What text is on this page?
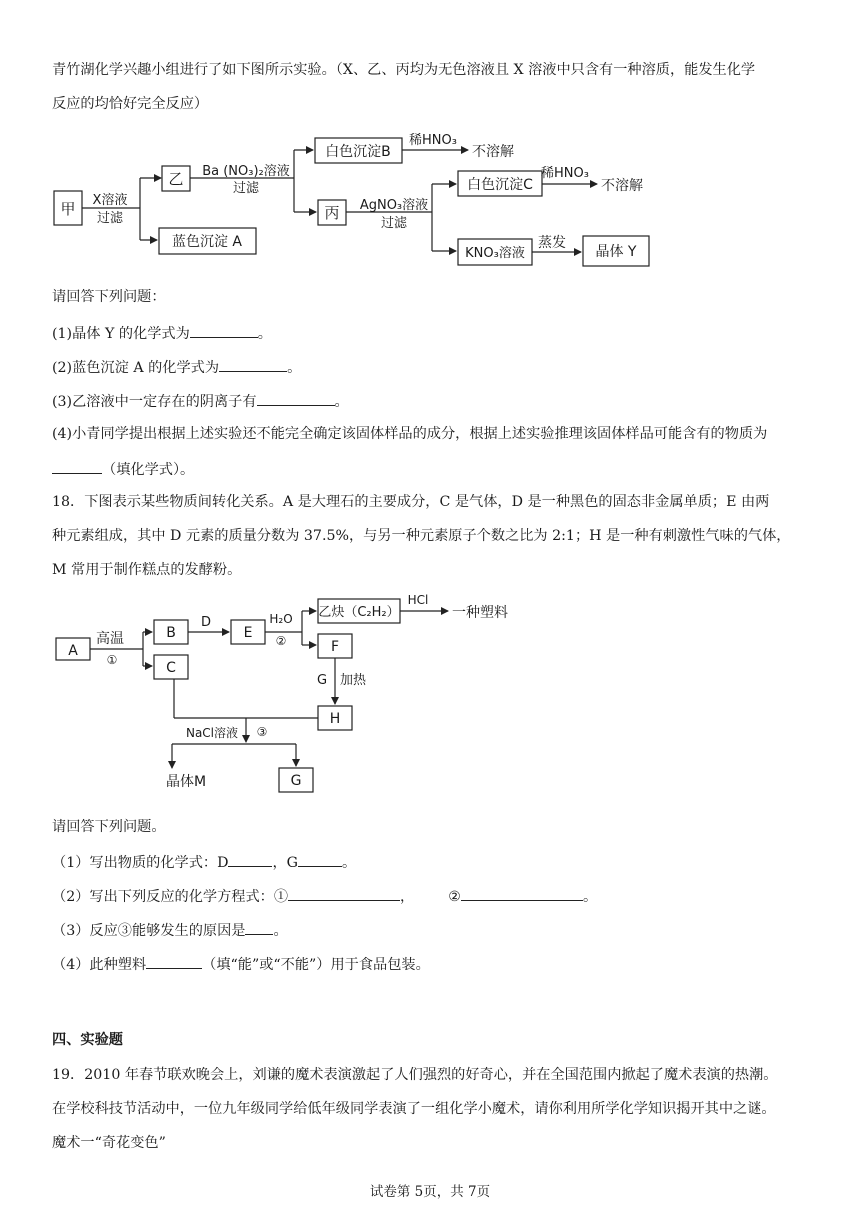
青竹湖化学兴趣小组进行了如下图所示实验。（X、乙、丙均为无色溶液且 X 溶液中只含有一种溶质，能发生化学
反应的均恰好完全反应）
甲 X溶液
过滤
乙 Ba (NO₃)₂溶液
过滤
白色沉淀B
稀HNO₃
不溶解
丙 AgNO₃溶液
过滤
白色沉淀C
稀HNO₃
不溶解
蓝色沉淀 A
KNO₃溶液
蒸发
晶体 Y
请回答下列问题：
(1)晶体 Y 的化学式为	。
(2)蓝色沉淀 A 的化学式为	。
(3)乙溶液中一定存在的阴离子有	。
(4)小青同学提出根据上述实验还不能完全确定该固体样品的成分，根据上述实验推理该固体样品可能含有的物质为
（填化学式）。
18．下图表示某些物质间转化关系。A 是大理石的主要成分，C 是气体，D 是一种黑色的固态非金属单质；E 由两
种元素组成，其中 D 元素的质量分数为 37.5%，与另一种元素原子个数之比为 2:1；H 是一种有刺激性气味的气体，
M 常用于制作糕点的发酵粉。
A
高温
①
B
D
C
E
H₂O
②
乙炔（C₂H₂）
HCl
一种塑料
F
G 加热
H
NaCl溶液 ③
晶体M	G
请回答下列问题。
（1）写出物质的化学式：D	，G	。
（2）写出下列反应的化学方程式：①	， ②	。
（3）反应③能够发生的原因是 。
（4）此种塑料	（填“能”或“不能”）用于食品包装。
四、实验题
19．2010 年春节联欢晚会上，刘谦的魔术表演激起了人们强烈的好奇心，并在全国范围内掀起了魔术表演的热潮。
在学校科技节活动中，一位九年级同学给低年级同学表演了一组化学小魔术，请你利用所学化学知识揭开其中之谜。
魔术一“奇花变色”
试卷第 5页，共 7页
